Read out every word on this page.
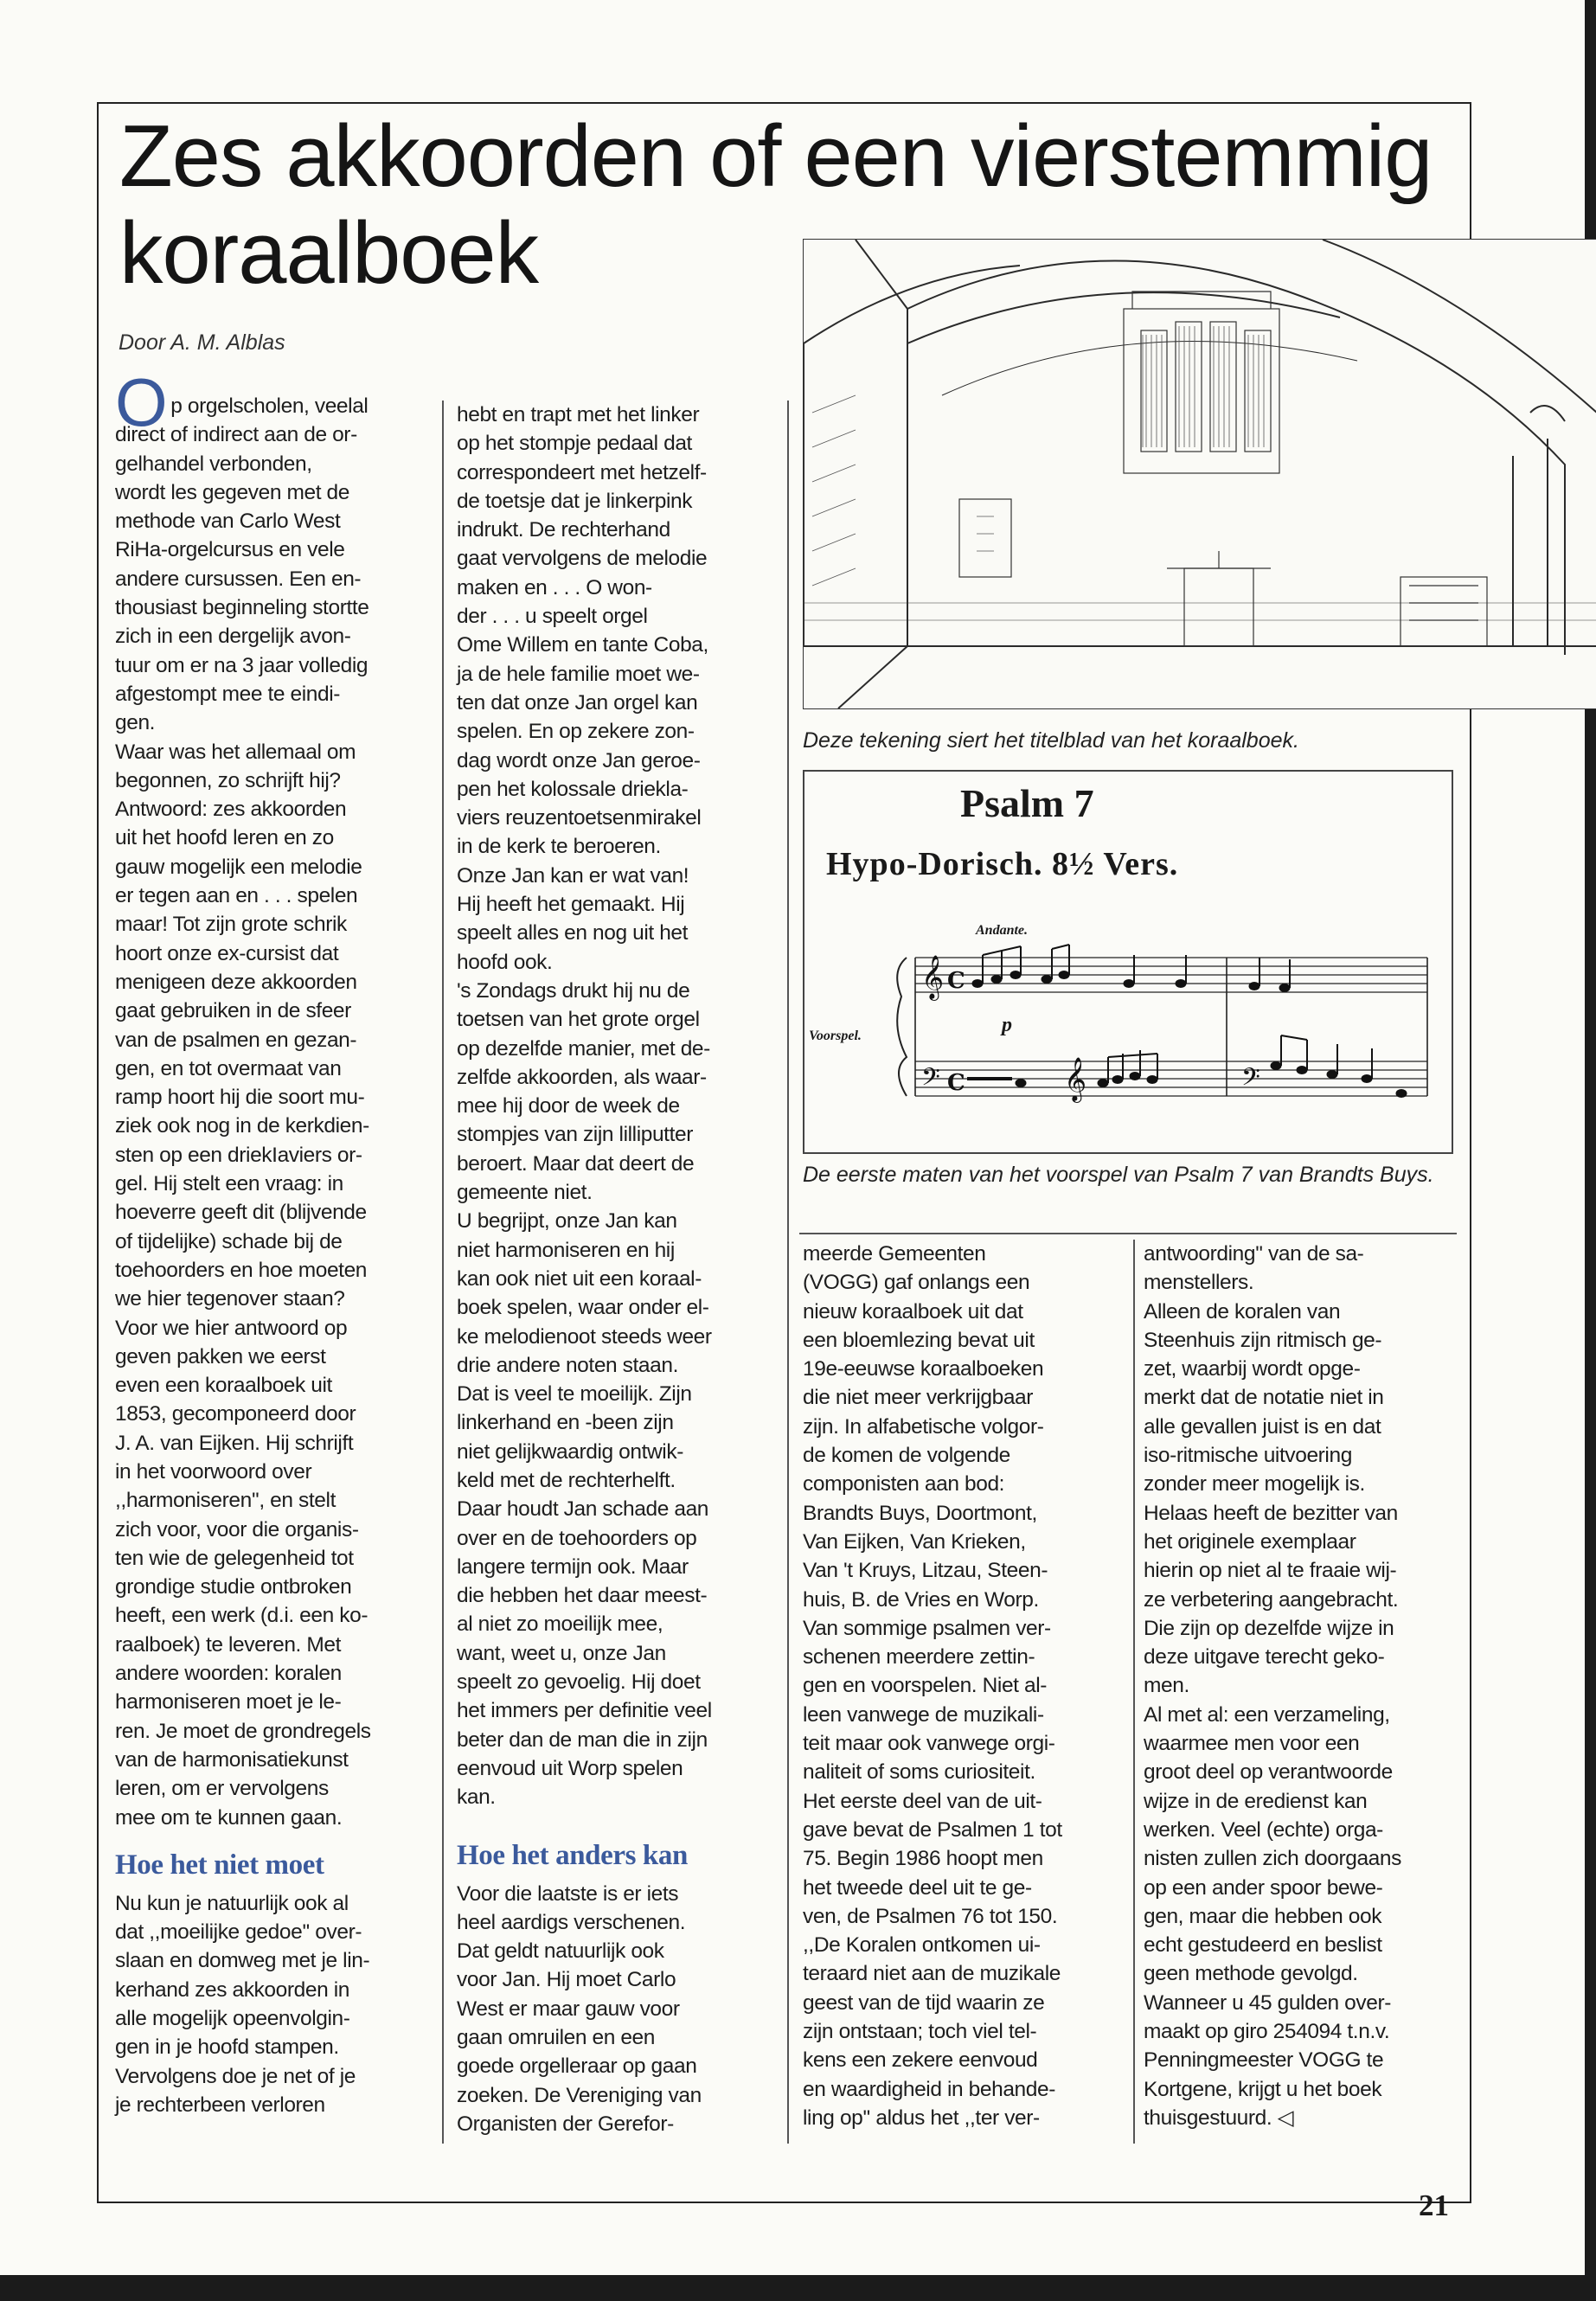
Zes akkoorden of een vierstemmig koraalboek
Door A. M. Alblas
O p orgelscholen, veelal
direct of indirect aan de or-
gelhandel verbonden,
wordt les gegeven met de
methode van Carlo West
RiHa-orgelcursus en vele
andere cursussen. Een en-
thousiast beginneling stortte
zich in een dergelijk avon-
tuur om er na 3 jaar volledig
afgestompt mee te eindi-
gen.
Waar was het allemaal om
begonnen, zo schrijft hij?
Antwoord: zes akkoorden
uit het hoofd leren en zo
gauw mogelijk een melodie
er tegen aan en . . . spelen
maar! Tot zijn grote schrik
hoort onze ex-cursist dat
menigeen deze akkoorden
gaat gebruiken in de sfeer
van de psalmen en gezan-
gen, en tot overmaat van
ramp hoort hij die soort mu-
ziek ook nog in de kerkdien-
sten op een driekIaviers or-
gel. Hij stelt een vraag: in
hoeverre geeft dit (blijvende
of tijdelijke) schade bij de
toehoorders en hoe moeten
we hier tegenover staan?
Voor we hier antwoord op
geven pakken we eerst
even een koraalboek uit
1853, gecomponeerd door
J. A. van Eijken. Hij schrijft
in het voorwoord over
,,harmoniseren'', en stelt
zich voor, voor die organis-
ten wie de gelegenheid tot
grondige studie ontbroken
heeft, een werk (d.i. een ko-
raalboek) te leveren. Met
andere woorden: koralen
harmoniseren moet je le-
ren. Je moet de grondregels
van de harmonisatiekunst
leren, om er vervolgens
mee om te kunnen gaan.

Hoe het niet moet

Nu kun je natuurlijk ook al
dat ,,moeilijke gedoe'' over-
slaan en domweg met je lin-
kerhand zes akkoorden in
alle mogelijk opeenvolgin-
gen in je hoofd stampen.
Vervolgens doe je net of je
je rechterbeen verloren

hebt en trapt met het linker
op het stompje pedaal dat
correspondeert met hetzelf-
de toetsje dat je linkerpink
indrukt. De rechterhand
gaat vervolgens de melodie
maken en . . . O won-
der . . . u speelt orgel
Ome Willem en tante Coba,
ja de hele familie moet we-
ten dat onze Jan orgel kan
spelen. En op zekere zon-
dag wordt onze Jan geroe-
pen het kolossale driekla-
viers reuzentoetsenmirakel
in de kerk te beroeren.
Onze Jan kan er wat van!
Hij heeft het gemaakt. Hij
speelt alles en nog uit het
hoofd ook.
's Zondags drukt hij nu de
toetsen van het grote orgel
op dezelfde manier, met de-
zelfde akkoorden, als waar-
mee hij door de week de
stompjes van zijn lilliputter
beroert. Maar dat deert de
gemeente niet.
U begrijpt, onze Jan kan
niet harmoniseren en hij
kan ook niet uit een koraal-
boek spelen, waar onder el-
ke melodienoot steeds weer
drie andere noten staan.
Dat is veel te moeilijk. Zijn
linkerhand en -been zijn
niet gelijkwaardig ontwik-
keld met de rechterhelft.
Daar houdt Jan schade aan
over en de toehoorders op
langere termijn ook. Maar
die hebben het daar meest-
al niet zo moeilijk mee,
want, weet u, onze Jan
speelt zo gevoelig. Hij doet
het immers per definitie veel
beter dan de man die in zijn
eenvoud uit Worp spelen
kan.

Hoe het anders kan

Voor die laatste is er iets
heel aardigs verschenen.
Dat geldt natuurlijk ook
voor Jan. Hij moet Carlo
West er maar gauw voor
gaan omruilen en een
goede orgelleraar op gaan
zoeken. De Vereniging van
Organisten der Gerefor-

Deze tekening siert het titelblad van het koraalboek.
Psalm 7
Hypo-Dorisch. 8½ Vers.
Andante.
Voorspel.	p
𝄞 C
𝄢 C	𝄞	𝄢
De eerste maten van het voorspel van Psalm 7 van Brandts Buys.

meerde Gemeenten
(VOGG) gaf onlangs een
nieuw koraalboek uit dat
een bloemlezing bevat uit
19e-eeuwse koraalboeken
die niet meer verkrijgbaar
zijn. In alfabetische volgor-
de komen de volgende
componisten aan bod:
Brandts Buys, Doortmont,
Van Eijken, Van Krieken,
Van 't Kruys, Litzau, Steen-
huis, B. de Vries en Worp.
Van sommige psalmen ver-
schenen meerdere zettin-
gen en voorspelen. Niet al-
leen vanwege de muzikali-
teit maar ook vanwege orgi-
naliteit of soms curiositeit.
Het eerste deel van de uit-
gave bevat de Psalmen 1 tot
75. Begin 1986 hoopt men
het tweede deel uit te ge-
ven, de Psalmen 76 tot 150.
,,De Koralen ontkomen ui-
teraard niet aan de muzikale
geest van de tijd waarin ze
zijn ontstaan; toch viel tel-
kens een zekere eenvoud
en waardigheid in behande-
ling op'' aldus het ,,ter ver-

antwoording'' van de sa-
menstellers.
Alleen de koralen van
Steenhuis zijn ritmisch ge-
zet, waarbij wordt opge-
merkt dat de notatie niet in
alle gevallen juist is en dat
iso-ritmische uitvoering
zonder meer mogelijk is.
Helaas heeft de bezitter van
het originele exemplaar
hierin op niet al te fraaie wij-
ze verbetering aangebracht.
Die zijn op dezelfde wijze in
deze uitgave terecht geko-
men.
Al met al: een verzameling,
waarmee men voor een
groot deel op verantwoorde
wijze in de eredienst kan
werken. Veel (echte) orga-
nisten zullen zich doorgaans
op een ander spoor bewe-
gen, maar die hebben ook
echt gestudeerd en beslist
geen methode gevolgd.
Wanneer u 45 gulden over-
maakt op giro 254094 t.n.v.
Penningmeester VOGG te
Kortgene, krijgt u het boek
thuisgestuurd. ◁

21
